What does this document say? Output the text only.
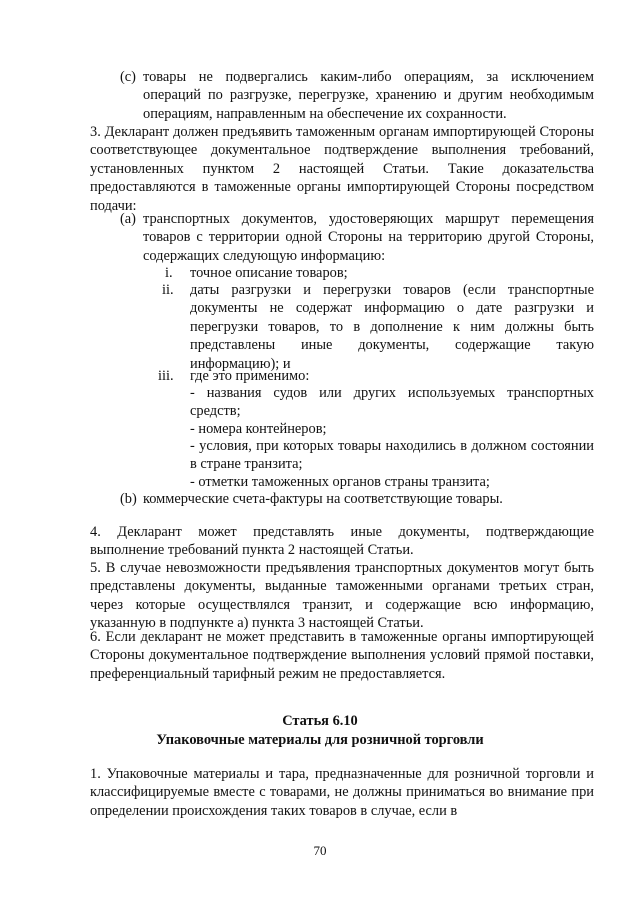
(c) товары не подвергались каким-либо операциям, за исключением операций по разгрузке, перегрузке, хранению и другим необходимым операциям, направленным на обеспечение их сохранности.
3. Декларант должен предъявить таможенным органам импортирующей Стороны соответствующее документальное подтверждение выполнения требований, установленных пунктом 2 настоящей Статьи. Такие доказательства предоставляются в таможенные органы импортирующей Стороны посредством подачи:
(a) транспортных документов, удостоверяющих маршрут перемещения товаров с территории одной Стороны на территорию другой Стороны, содержащих следующую информацию:
i. точное описание товаров;
ii. даты разгрузки и перегрузки товаров (если транспортные документы не содержат информацию о дате разгрузки и перегрузки товаров, то в дополнение к ним должны быть представлены иные документы, содержащие такую информацию); и
iii. где это применимо:
- названия судов или других используемых транспортных средств;
- номера контейнеров;
- условия, при которых товары находились в должном состоянии в стране транзита;
- отметки таможенных органов страны транзита;
(b) коммерческие счета-фактуры на соответствующие товары.
4. Декларант может представлять иные документы, подтверждающие выполнение требований пункта 2 настоящей Статьи.
5. В случае невозможности предъявления транспортных документов могут быть представлены документы, выданные таможенными органами третьих стран, через которые осуществлялся транзит, и содержащие всю информацию, указанную в подпункте а) пункта 3 настоящей Статьи.
6. Если декларант не может представить в таможенные органы импортирующей Стороны документальное подтверждение выполнения условий прямой поставки, преференциальный тарифный режим не предоставляется.
Статья 6.10
Упаковочные материалы для розничной торговли
1. Упаковочные материалы и тара, предназначенные для розничной торговли и классифицируемые вместе с товарами, не должны приниматься во внимание при определении происхождения таких товаров в случае, если в
70
